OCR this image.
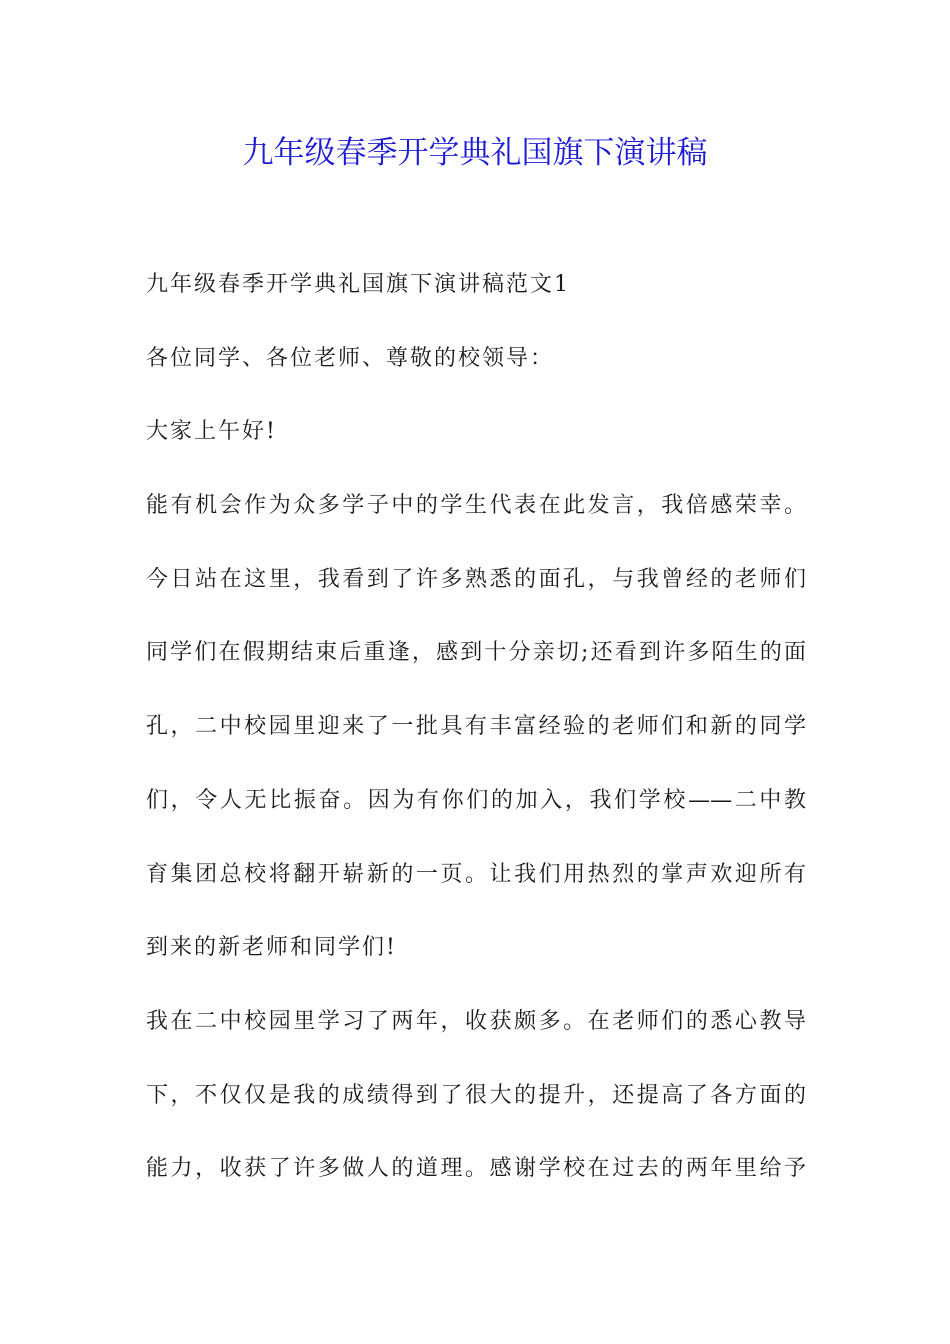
九年级春季开学典礼国旗下演讲稿
九年级春季开学典礼国旗下演讲稿范文1
各位同学、各位老师、尊敬的校领导：
大家上午好!
能有机会作为众多学子中的学生代表在此发言，我倍感荣幸。
今日站在这里，我看到了许多熟悉的面孔，与我曾经的老师们
同学们在假期结束后重逢，感到十分亲切;还看到许多陌生的面
孔，二中校园里迎来了一批具有丰富经验的老师们和新的同学
们，令人无比振奋。因为有你们的加入，我们学校——二中教
育集团总校将翻开崭新的一页。让我们用热烈的掌声欢迎所有
到来的新老师和同学们!
我在二中校园里学习了两年，收获颇多。在老师们的悉心教导
下，不仅仅是我的成绩得到了很大的提升，还提高了各方面的
能力，收获了许多做人的道理。感谢学校在过去的两年里给予
